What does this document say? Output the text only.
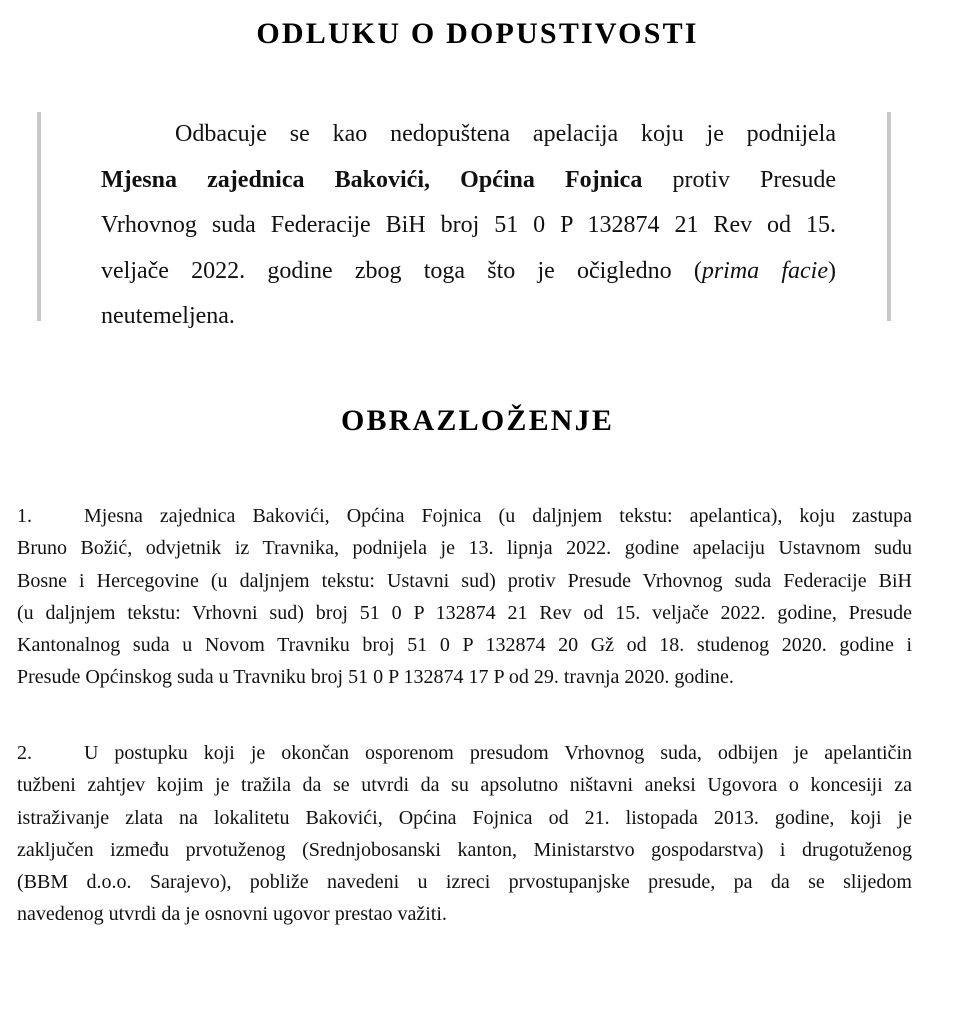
ODLUKU O DOPUSTIVOSTI
Odbacuje se kao nedopuštena apelacija koju je podnijela
Mjesna zajednica Bakovići, Općina Fojnica protiv Presude
Vrhovnog suda Federacije BiH broj 51 0 P 132874 21 Rev od 15.
veljače 2022. godine zbog toga što je očigledno (prima facie)
neutemeljena.
OBRAZLOŽENJE
1.	Mjesna zajednica Bakovići, Općina Fojnica (u daljnjem tekstu: apelantica), koju zastupa
Bruno Božić, odvjetnik iz Travnika, podnijela je 13. lipnja 2022. godine apelaciju Ustavnom sudu
Bosne i Hercegovine (u daljnjem tekstu: Ustavni sud) protiv Presude Vrhovnog suda Federacije BiH
(u daljnjem tekstu: Vrhovni sud) broj 51 0 P 132874 21 Rev od 15. veljače 2022. godine, Presude
Kantonalnog suda u Novom Travniku broj 51 0 P 132874 20 Gž od 18. studenog 2020. godine i
Presude Općinskog suda u Travniku broj 51 0 P 132874 17 P od 29. travnja 2020. godine.
2.	U postupku koji je okončan osporenom presudom Vrhovnog suda, odbijen je apelantičin
tužbeni zahtjev kojim je tražila da se utvrdi da su apsolutno ništavni aneksi Ugovora o koncesiji za
istraživanje zlata na lokalitetu Bakovići, Općina Fojnica od 21. listopada 2013. godine, koji je
zaključen između prvotuženog (Srednjobosanski kanton, Ministarstvo gospodarstva) i drugotuženog
(BBM d.o.o. Sarajevo), pobliže navedeni u izreci prvostupanjske presude, pa da se slijedom
navedenog utvrdi da je osnovni ugovor prestao važiti.
